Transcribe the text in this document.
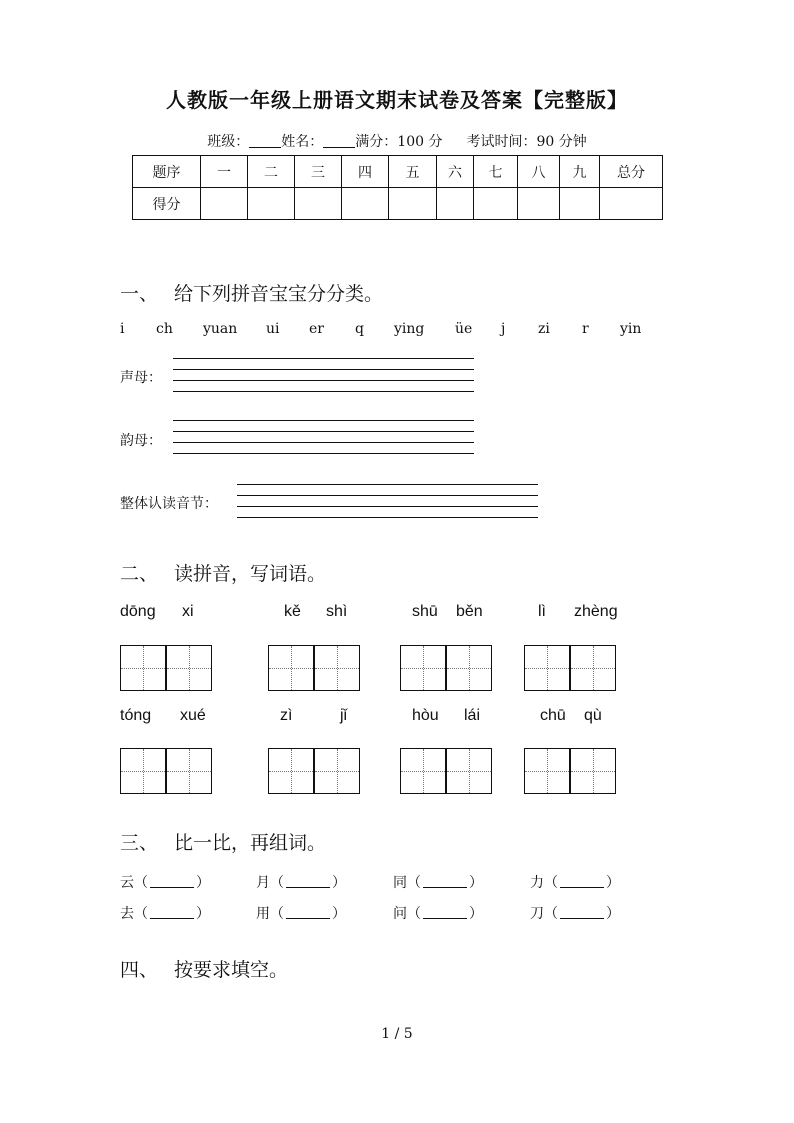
人教版一年级上册语文期末试卷及答案【完整版】
班级： 姓名： 满分：100 分 考试时间：90 分钟
题序	一	二	三	四	五	六	七	八	九	总分
得分										
一、 给下列拼音宝宝分分类。
i ch yuan ui er q ying üe j zi r yin
声母：
韵母：
整体认读音节：
二、 读拼音，写词语。
dōng xi	kě shì	shū běn	lì zhèng
tóng xué	zì	jǐ	hòu lái	chū qù
三、 比一比，再组词。
云（	）	月（	）	同（	）	力（	）
去（	）	用（	）	问（	）	刀（	）
四、 按要求填空。
1 / 5
